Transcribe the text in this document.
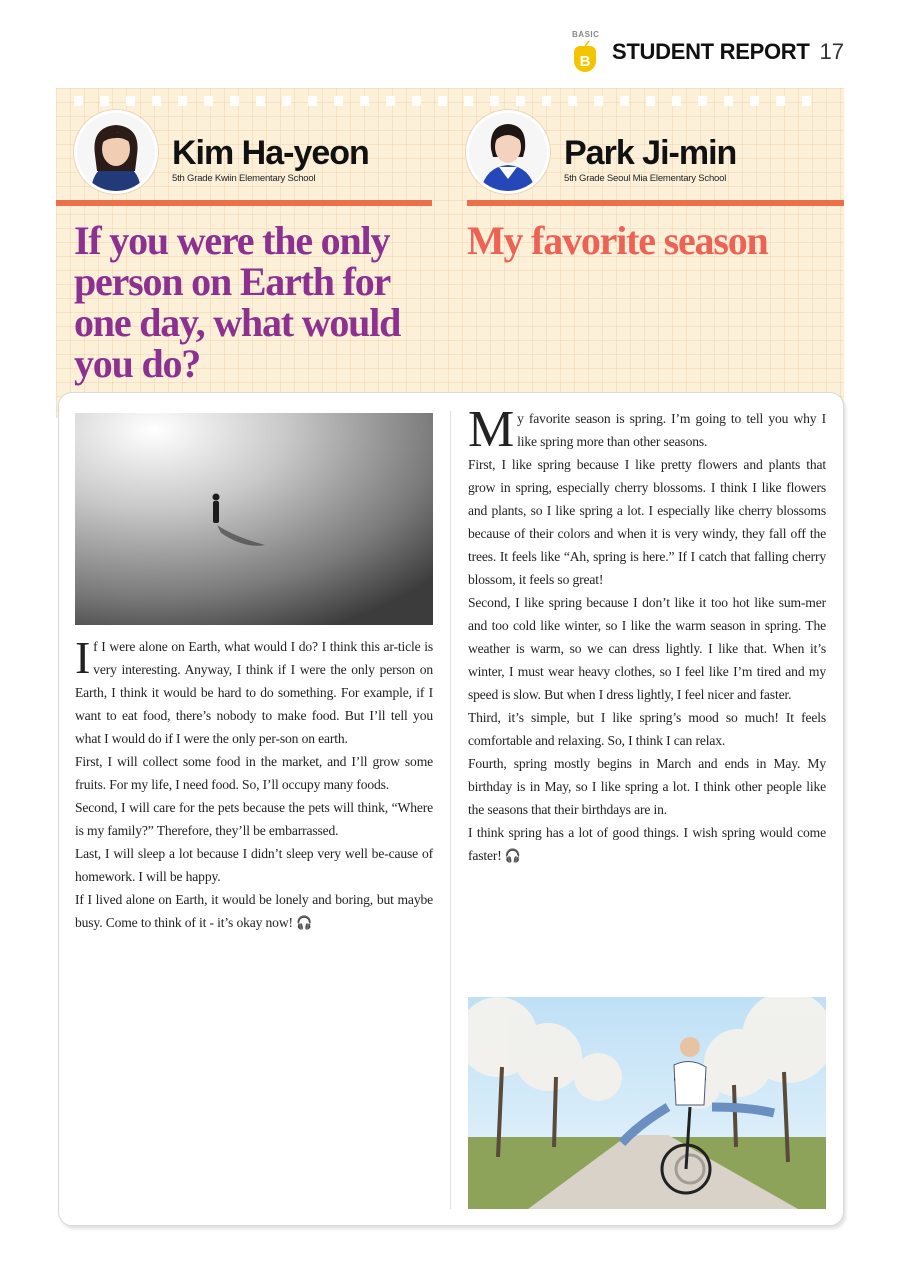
BASIC
B STUDENT REPORT 17
Kim Ha-yeon
5th Grade Kwiin Elementary School
Park Ji-min
5th Grade Seoul Mia Elementary School
If you were the only person on Earth for one day, what would you do?
My favorite season

If I were alone on Earth, what would I do? I think this ar-ticle is very interesting. Anyway, I think if I were the only person on Earth, I think it would be hard to do something. For example, if I want to eat food, there’s nobody to make food. But I’ll tell you what I would do if I were the only per-son on earth.

First, I will collect some food in the market, and I’ll grow some fruits. For my life, I need food. So, I’ll occupy many foods.

Second, I will care for the pets because the pets will think, “Where is my family?” Therefore, they’ll be embarrassed.

Last, I will sleep a lot because I didn’t sleep very well be-cause of homework. I will be happy.

If I lived alone on Earth, it would be lonely and boring, but maybe busy. Come to think of it - it’s okay now! 🎧

My favorite season is spring. I’m going to tell you why I like spring more than other seasons.

First, I like spring because I like pretty flowers and plants that grow in spring, especially cherry blossoms. I think I like flowers and plants, so I like spring a lot. I especially like cherry blossoms because of their colors and when it is very windy, they fall off the trees. It feels like “Ah, spring is here.” If I catch that falling cherry blossom, it feels so great!

Second, I like spring because I don’t like it too hot like sum-mer and too cold like winter, so I like the warm season in spring. The weather is warm, so we can dress lightly. I like that. When it’s winter, I must wear heavy clothes, so I feel like I’m tired and my speed is slow. But when I dress lightly, I feel nicer and faster.

Third, it’s simple, but I like spring’s mood so much! It feels comfortable and relaxing. So, I think I can relax.

Fourth, spring mostly begins in March and ends in May. My birthday is in May, so I like spring a lot. I think other people like the seasons that their birthdays are in.

I think spring has a lot of good things. I wish spring would come faster! 🎧
